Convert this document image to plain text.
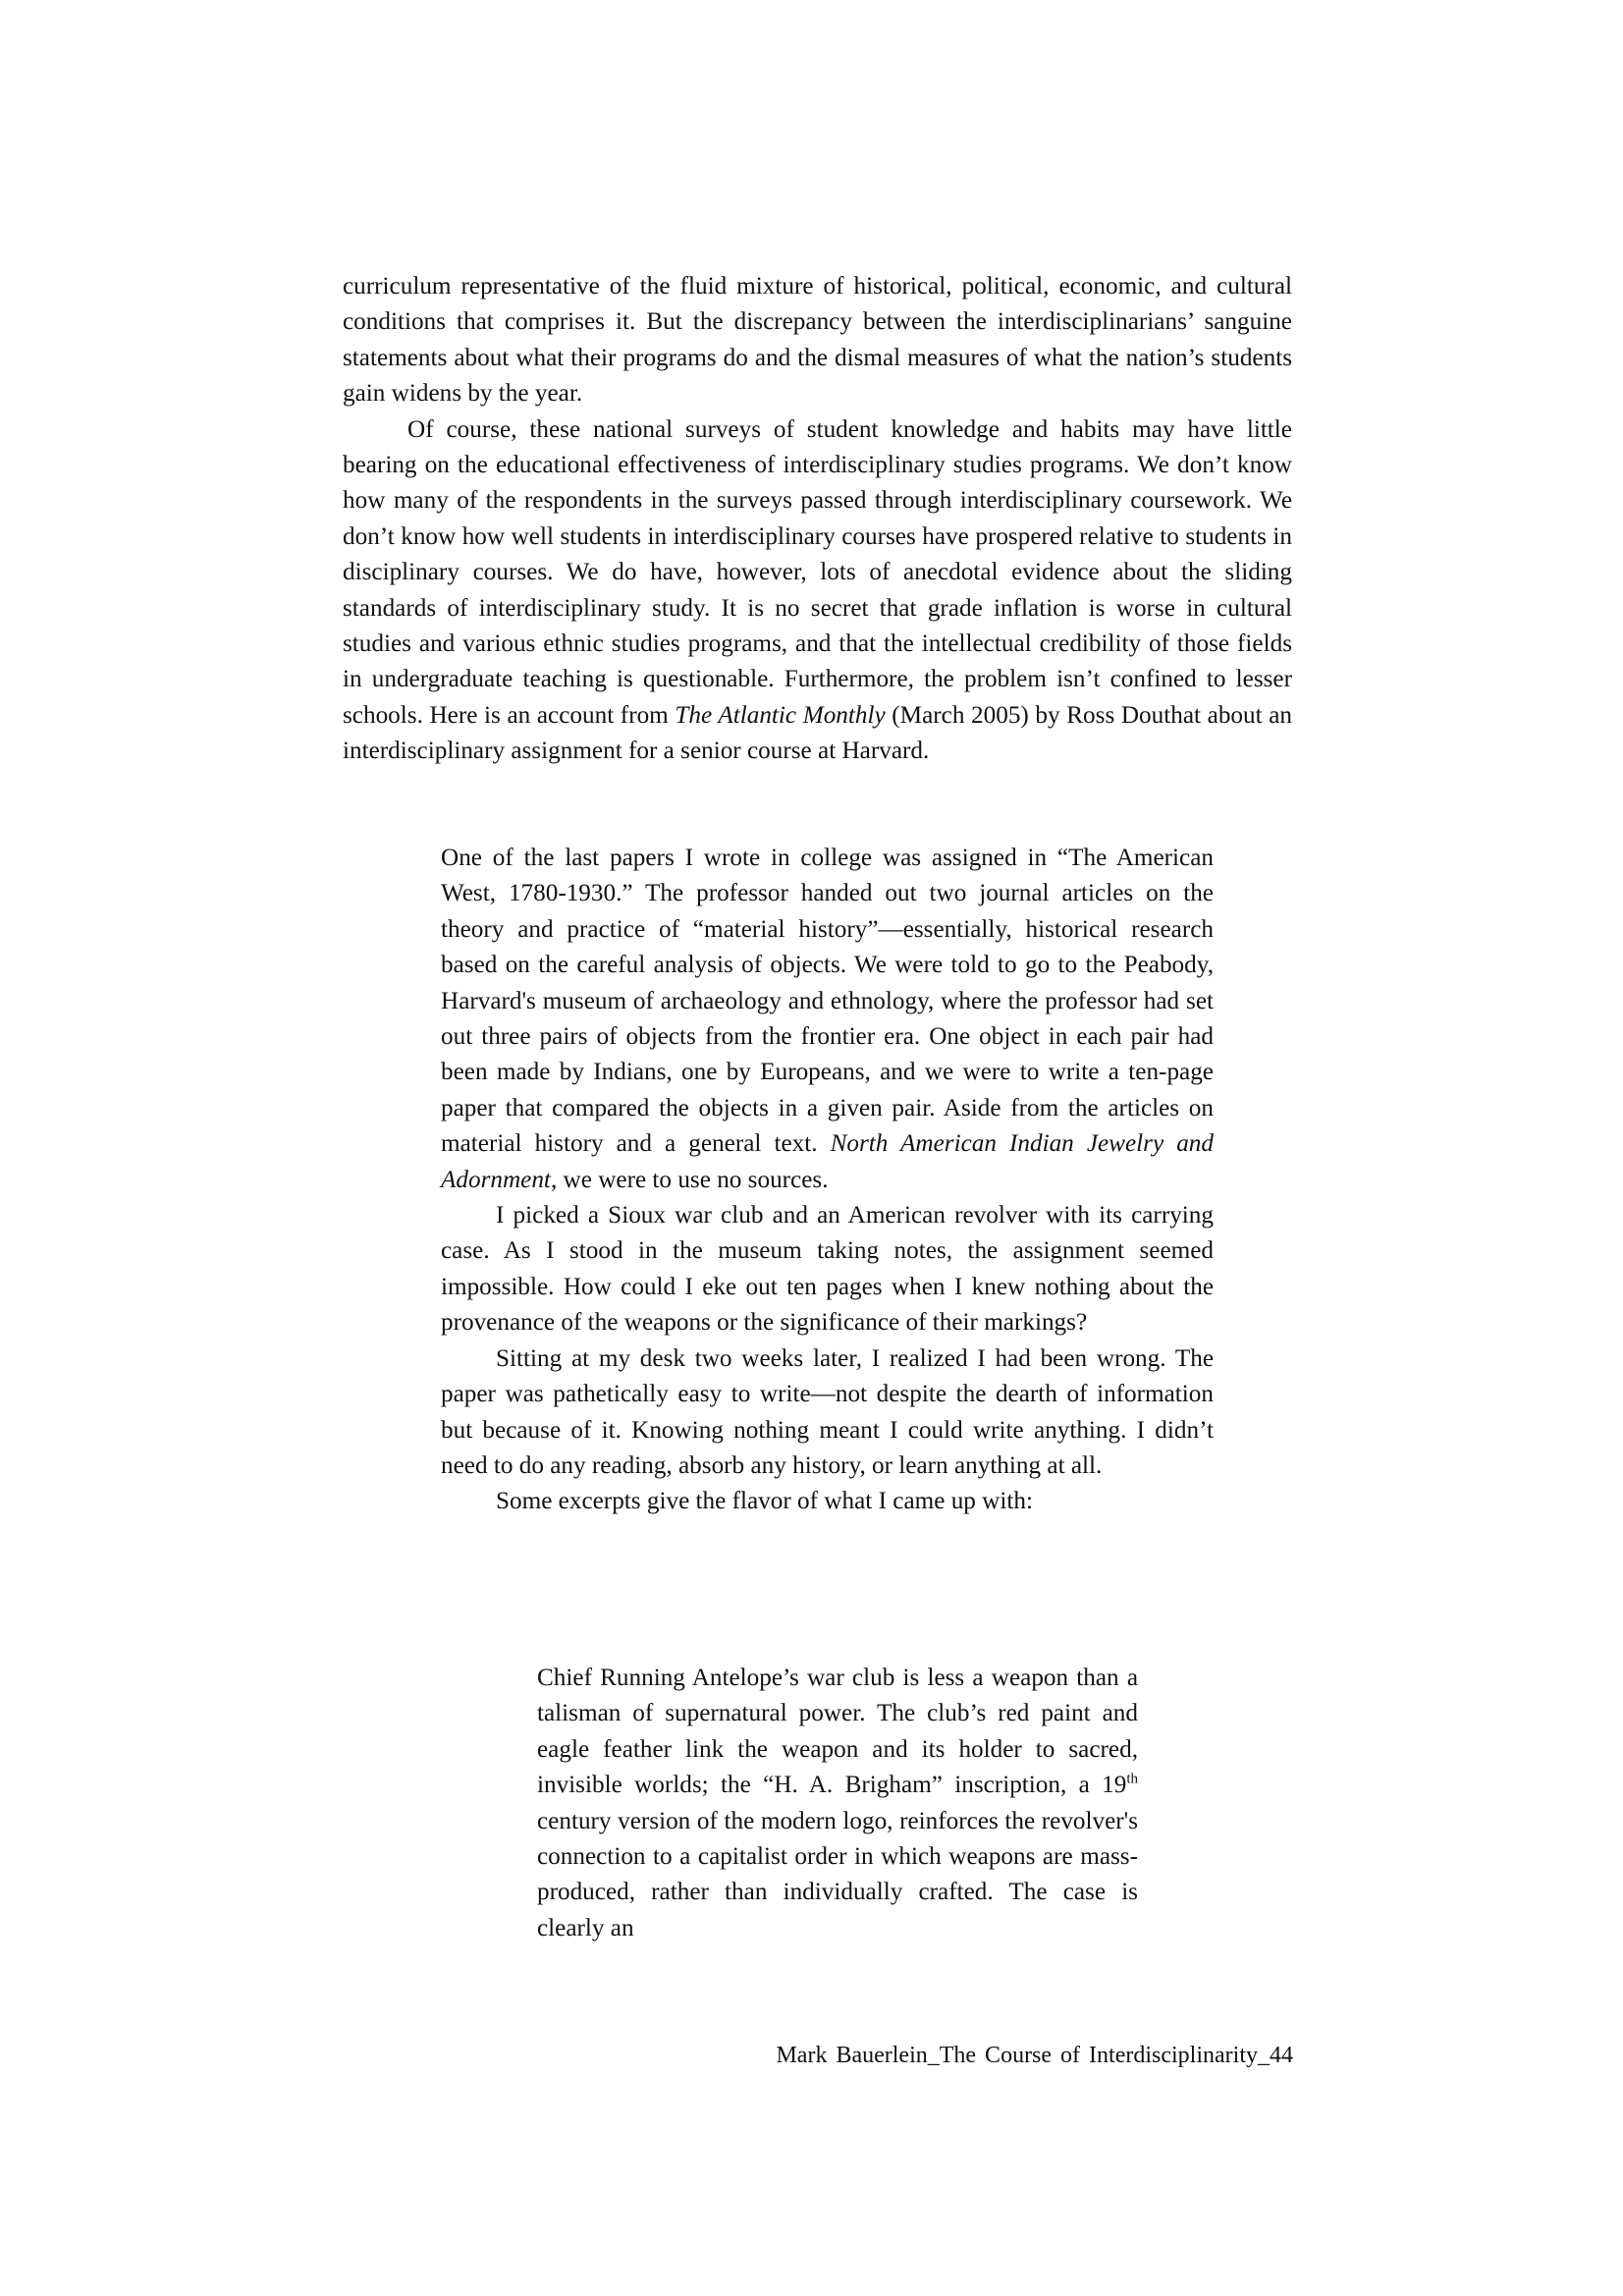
curriculum representative of the fluid mixture of historical, political, economic, and cultural conditions that comprises it. But the discrepancy between the interdisciplinarians’ sanguine statements about what their programs do and the dismal measures of what the nation’s students gain widens by the year.

Of course, these national surveys of student knowledge and habits may have little bearing on the educational effectiveness of interdisciplinary studies programs. We don’t know how many of the respondents in the surveys passed through interdisciplinary coursework. We don’t know how well students in interdisciplinary courses have prospered relative to students in disciplinary courses. We do have, however, lots of anecdotal evidence about the sliding standards of interdisciplinary study. It is no secret that grade inflation is worse in cultural studies and various ethnic studies programs, and that the intellectual credibility of those fields in undergraduate teaching is questionable. Furthermore, the problem isn’t confined to lesser schools. Here is an account from The Atlantic Monthly (March 2005) by Ross Douthat about an interdisciplinary assignment for a senior course at Harvard.

One of the last papers I wrote in college was assigned in “The American West, 1780-1930.” The professor handed out two journal articles on the theory and practice of “material history”—essentially, historical research based on the careful analysis of objects. We were told to go to the Peabody, Harvard's museum of archaeology and ethnology, where the professor had set out three pairs of objects from the frontier era. One object in each pair had been made by Indians, one by Europeans, and we were to write a ten-page paper that compared the objects in a given pair. Aside from the articles on material history and a general text. North American Indian Jewelry and Adornment, we were to use no sources.

I picked a Sioux war club and an American revolver with its carrying case. As I stood in the museum taking notes, the assignment seemed impossible. How could I eke out ten pages when I knew nothing about the provenance of the weapons or the significance of their markings?

Sitting at my desk two weeks later, I realized I had been wrong. The paper was pathetically easy to write—not despite the dearth of information but because of it. Knowing nothing meant I could write anything. I didn’t need to do any reading, absorb any history, or learn anything at all.

Some excerpts give the flavor of what I came up with:

Chief Running Antelope’s war club is less a weapon than a talisman of supernatural power. The club’s red paint and eagle feather link the weapon and its holder to sacred, invisible worlds; the “H. A. Brigham” inscription, a 19th century version of the modern logo, reinforces the revolver's connection to a capitalist order in which weapons are mass-produced, rather than individually crafted. The case is clearly an

Mark Bauerlein_The Course of Interdisciplinarity_44
